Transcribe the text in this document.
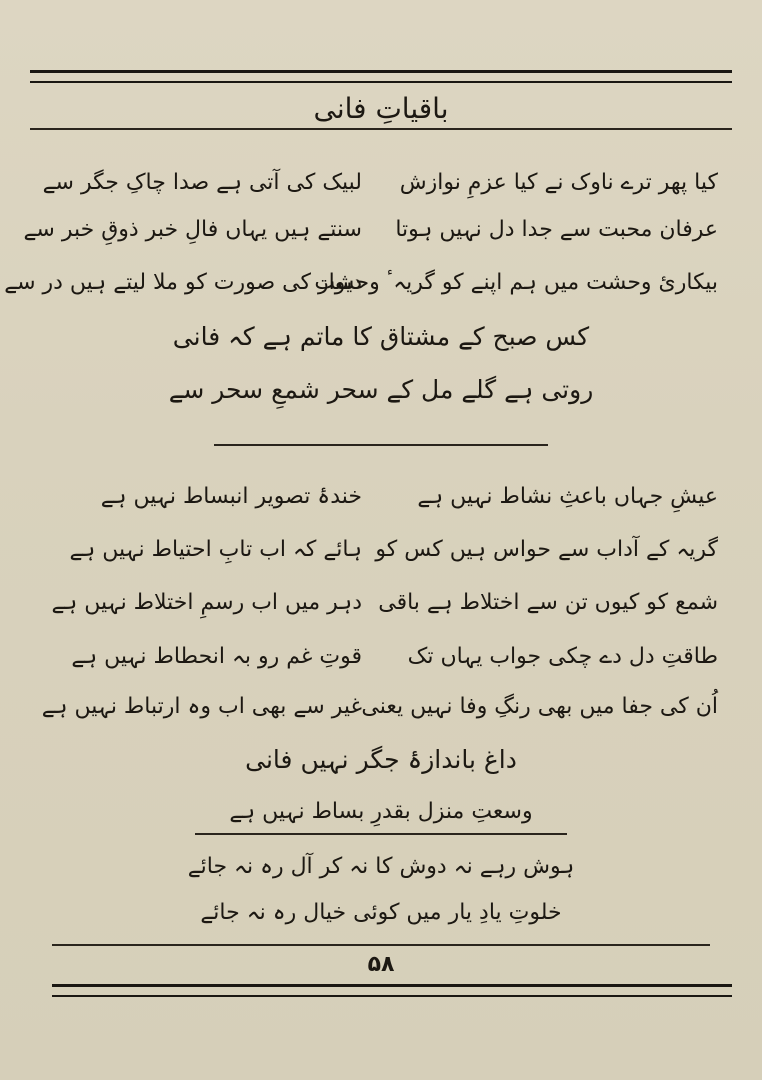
باقیاتِ فانی
کیا پھر ترے ناوک نے کیا عزمِ نوازش
لبیک کی آتی ہے صدا چاکِ جگر سے
عرفان محبت سے جدا دل نہیں ہوتا
سنتے ہیں یہاں فالِ خبر ذوقِ خبر سے
بیکاریٔ وحشت میں ہم اپنے کو گریہٴ وحشت
دیوار کی صورت کو ملا لیتے ہیں در سے
کس صبح کے مشتاق کا ماتم ہے کہ فانی
روتی ہے گلے مل کے سحر شمعِ سحر سے
عیشِ جہاں باعثِ نشاط نہیں ہے
خندۂ تصویر انبساط نہیں ہے
گریہ کے آداب سے حواس ہیں کس کو
ہائے کہ اب تابِ احتیاط نہیں ہے
شمع کو کیوں تن سے اختلاط ہے باقی
دہر میں اب رسمِ اختلاط نہیں ہے
طاقتِ دل دے چکی جواب یہاں تک
قوتِ غم رو بہ انحطاط نہیں ہے
اُن کی جفا میں بھی رنگِ وفا نہیں یعنی
غیر سے بھی اب وہ ارتباط نہیں ہے
داغ باندازۂ جگر نہیں فانی
وسعتِ منزل بقدرِ بساط نہیں ہے
ہوش رہے نہ دوش کا نہ کر آل رہ نہ جائے
خلوتِ یادِ یار میں کوئی خیال رہ نہ جائے
۵۸
